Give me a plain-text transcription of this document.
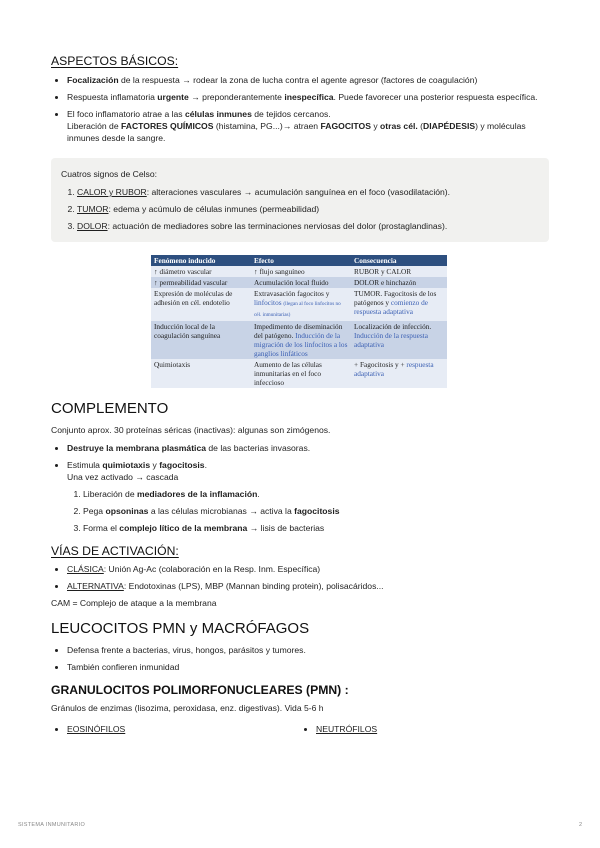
ASPECTOS BÁSICOS:
• Focalización de la respuesta → rodear la zona de lucha contra el agente agresor (factores de coagulación)
• Respuesta inflamatoria urgente → preponderantemente inespecífica. Puede favorecer una posterior respuesta específica.
• El foco inflamatorio atrae a las células inmunes de tejidos cercanos.
Liberación de FACTORES QUÍMICOS (histamina, PG...)→ atraen FAGOCITOS y otras cél. (DIAPÉDESIS) y moléculas inmunes desde la sangre.

Cuatros signos de Celso:

1. CALOR y RUBOR: alteraciones vasculares → acumulación sanguínea en el foco (vasodilatación).
2. TUMOR: edema y acúmulo de células inmunes (permeabilidad)
3. DOLOR: actuación de mediadores sobre las terminaciones nerviosas del dolor (prostaglandinas).
Fenómeno inducido	Efecto	Consecuencia
↑ diámetro vascular	↑ flujo sanguíneo	RUBOR y CALOR
↑ permeabilidad vascular	Acumulación local fluido	DOLOR e hinchazón
Expresión de moléculas de adhesión en cél. endotelio	Extravasación fagocitos y linfocitos (llegan al foco linfocitos no cél. inmunitarias)	TUMOR. Fagocitosis de los patógenos y comienzo de respuesta adaptativa
Inducción local de la coagulación sanguínea	Impedimento de diseminación del patógeno. Inducción de la migración de los linfocitos a los ganglios linfáticos	Localización de infección. Inducción de la respuesta adaptativa
Quimiotaxis	Aumento de las células inmunitarias en el foco infeccioso	+ Fagocitosis y + respuesta adaptativa
COMPLEMENTO

Conjunto aprox. 30 proteínas séricas (inactivas): algunas son zimógenos.

• Destruye la membrana plasmática de las bacterias invasoras.
• Estimula quimiotaxis y fagocitosis.
Una vez activado → cascada
1. Liberación de mediadores de la inflamación.
2. Pega opsoninas a las células microbianas → activa la fagocitosis
3. Forma el complejo lítico de la membrana → lisis de bacterias
VÍAS DE ACTIVACIÓN:
• CLÁSICA: Unión Ag-Ac (colaboración en la Resp. Inm. Específica)
• ALTERNATIVA: Endotoxinas (LPS), MBP (Mannan binding protein), polisacáridos...

CAM = Complejo de ataque a la membrana

LEUCOCITOS PMN y MACRÓFAGOS
• Defensa frente a bacterias, virus, hongos, parásitos y tumores.
• También confieren inmunidad
GRANULOCITOS POLIMORFONUCLEARES (PMN) :

Gránulos de enzimas (lisozima, peroxidasa, enz. digestivas). Vida 5-6 h

• EOSINÓFILOS	• NEUTRÓFILOS
SISTEMA INMUNITARIO	2
